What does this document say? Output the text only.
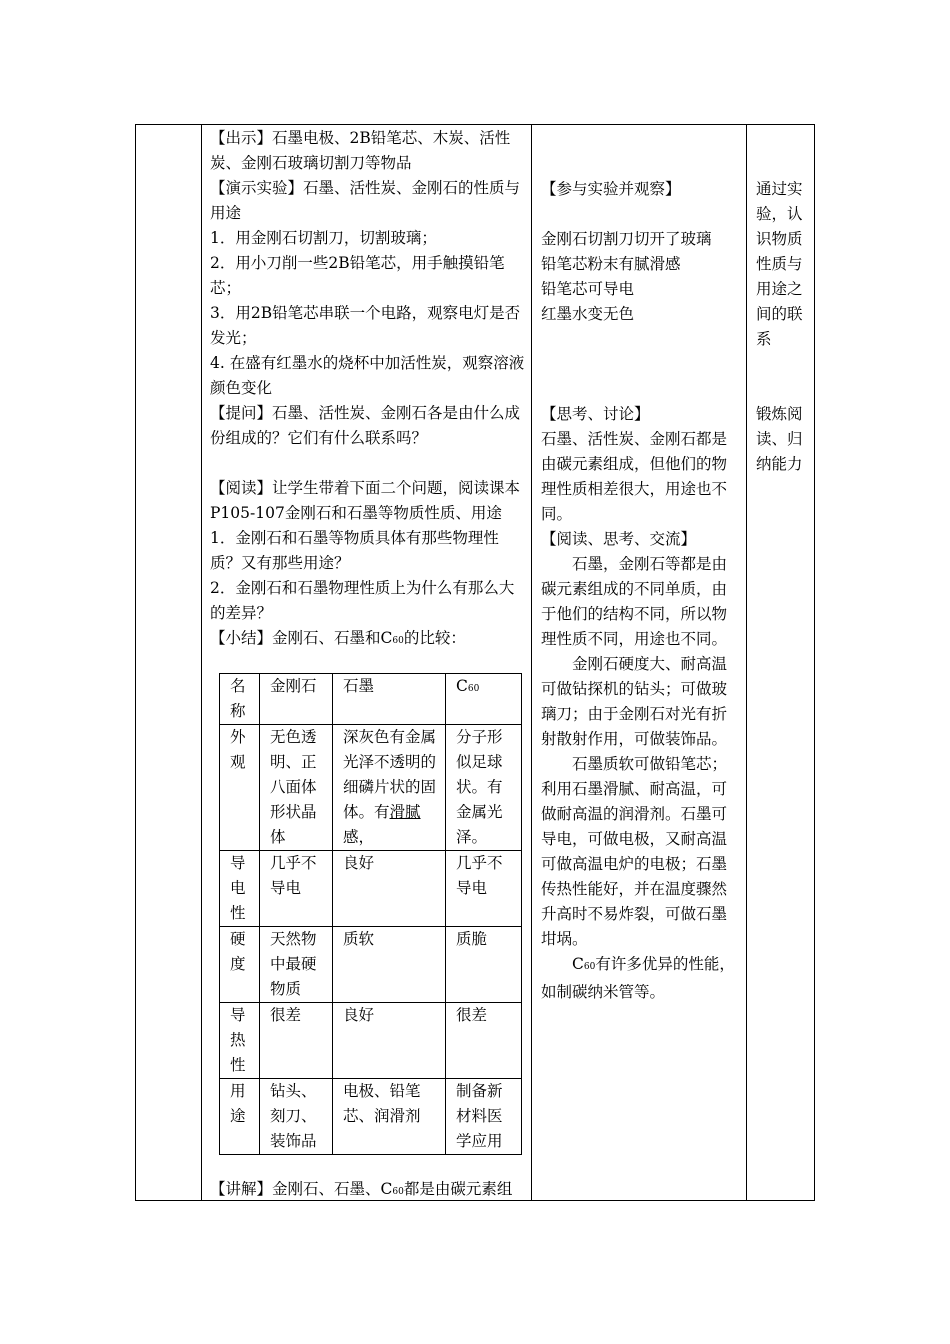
【出示】石墨电极、2B铅笔芯、木炭、活性炭、金刚石玻璃切割刀等物品

【演示实验】石墨、活性炭、金刚石的性质与用途

1．用金刚石切割刀，切割玻璃；

2．用小刀削一些2B铅笔芯，用手触摸铅笔芯；

3．用2B铅笔芯串联一个电路，观察电灯是否发光；

4. 在盛有红墨水的烧杯中加活性炭，观察溶液颜色变化

【提问】石墨、活性炭、金刚石各是由什么成份组成的？它们有什么联系吗？

【阅读】让学生带着下面二个问题，阅读课本P105-107金刚石和石墨等物质性质、用途

1．金刚石和石墨等物质具体有那些物理性质？又有那些用途？

2．金刚石和石墨物理性质上为什么有那么大的差异？

【小结】金刚石、石墨和C60的比较：

名称	金刚石	石墨	C60
外观	无色透明、正八面体形状晶体	深灰色有金属光泽不透明的细磷片状的固体。有滑腻感，	分子形似足球状。有金属光泽。
导电性	几乎不导电	良好	几乎不导电
硬度	天然物中最硬物质	质软	质脆
导热性	很差	良好	很差
用途	钻头、刻刀、装饰品	电极、铅笔芯、润滑剂	制备新材料医学应用

【讲解】金刚石、石墨、C60都是由碳元素组

【参与实验并观察】

金刚石切割刀切开了玻璃

铅笔芯粉末有腻滑感

铅笔芯可导电

红墨水变无色

【思考、讨论】

石墨、活性炭、金刚石都是由碳元素组成，但他们的物理性质相差很大，用途也不同。

【阅读、思考、交流】

石墨，金刚石等都是由碳元素组成的不同单质，由于他们的结构不同，所以物理性质不同，用途也不同。

金刚石硬度大、耐高温可做钻探机的钻头；可做玻璃刀；由于金刚石对光有折射散射作用，可做装饰品。

石墨质软可做铅笔芯；利用石墨滑腻、耐高温，可做耐高温的润滑剂。石墨可导电，可做电极，又耐高温可做高温电炉的电极；石墨传热性能好，并在温度骤然升高时不易炸裂，可做石墨坩埚。

C60有许多优异的性能，如制碳纳米管等。

通过实验，认识物质性质与用途之间的联系

锻炼阅读、归纳能力
